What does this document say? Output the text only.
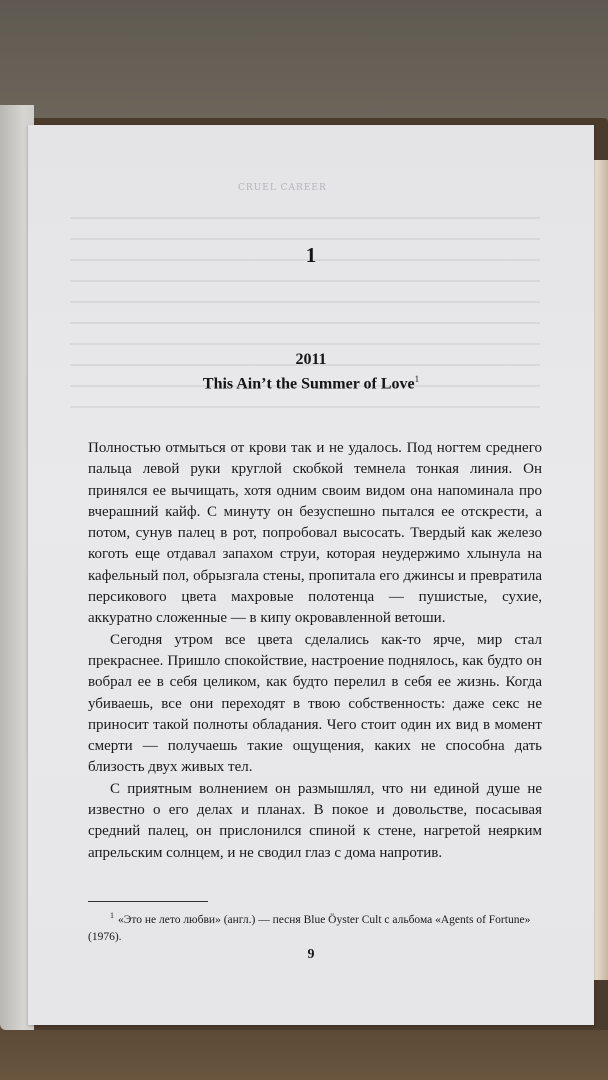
CRUEL CAREER
1
2011
This Ain’t the Summer of Love$^1$

Полностью отмыться от крови так и не удалось. Под ногтем среднего пальца левой руки круглой скобкой темнела тонкая линия. Он принялся ее вычищать, хотя одним своим видом она напоминала про вчерашний кайф. С минуту он безуспешно пытался ее отскрести, а потом, сунув палец в рот, попробовал высосать. Твердый как железо коготь еще отдавал запахом струи, которая неудержимо хлынула на кафельный пол, обрызгала стены, пропитала его джинсы и превратила персикового цвета махровые полотенца — пушистые, сухие, аккуратно сложенные — в кипу окровавленной ветоши.

Сегодня утром все цвета сделались как-то ярче, мир стал прекраснее. Пришло спокойствие, настроение поднялось, как будто он вобрал ее в себя целиком, как будто перелил в себя ее жизнь. Когда убиваешь, все они переходят в твою собственность: даже секс не приносит такой полноты обладания. Чего стоит один их вид в момент смерти — получаешь такие ощущения, каких не способна дать близость двух живых тел.

С приятным волнением он размышлял, что ни единой душе не известно о его делах и планах. В покое и довольстве, посасывая средний палец, он прислонился спиной к стене, нагретой неярким апрельским солнцем, и не сводил глаз с дома напротив.

$^1$ «Это не лето любви» (англ.) — песня Blue Öyster Cult с альбома «Agents of Fortune» (1976).
9
